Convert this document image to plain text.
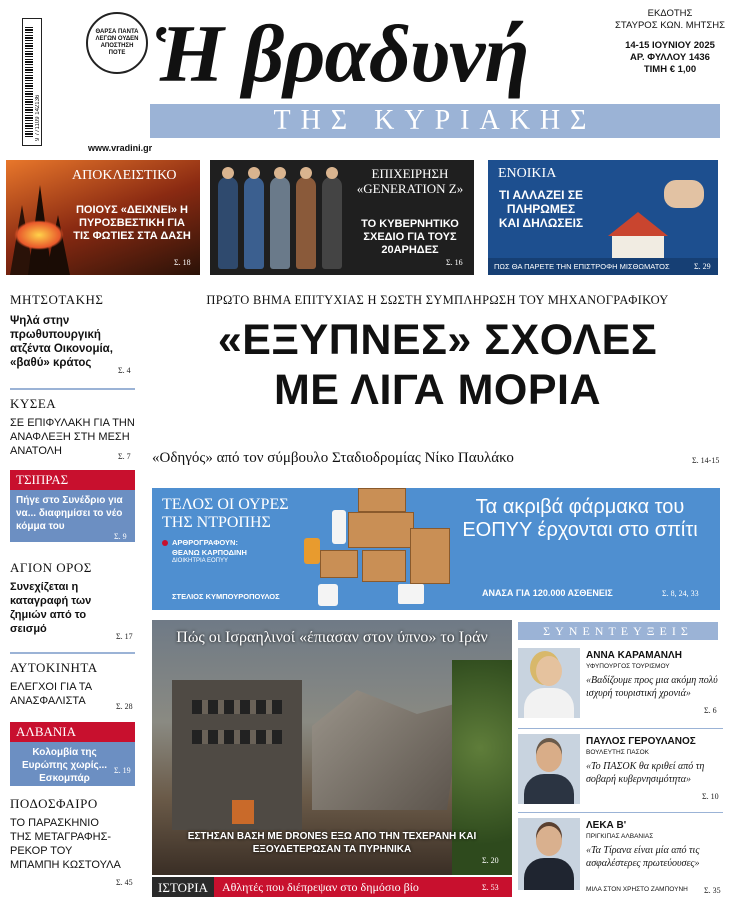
9 771109 142136
ΘΑΡΣΑ ΠΑΝΤΑ ΛΕΓΩΝ ΟΥΔΕΝ ΑΠΟΣΤΗΣΗ ΠΟΤΕ Ἡ βραδυνή	ΕΚΔΟΤΗΣ
ΣΤΑΥΡΟΣ ΚΩΝ. ΜΗΤΣΗΣ
14-15 ΙΟΥΝΙΟΥ 2025
ΑΡ. ΦΥΛΛΟΥ 1436
ΤΙΜΗ € 1,00
ΤΗΣ ΚΥΡΙΑΚΗΣ
www.vradini.gr
ΑΠΟΚΛΕΙΣΤΙΚΟ
ΠΟΙΟΥΣ «ΔΕΙΧΝΕΙ» Η ΠΥΡΟΣΒΕΣΤΙΚΗ ΓΙΑ ΤΙΣ ΦΩΤΙΕΣ ΣΤΑ ΔΑΣΗ
Σ. 18
ΕΠΙΧΕΙΡΗΣΗ «GENERATION Z»
ΤΟ ΚΥΒΕΡΝΗΤΙΚΟ ΣΧΕΔΙΟ ΓΙΑ ΤΟΥΣ 20ΑΡΗΔΕΣ
Σ. 16
ΕΝΟΙΚΙΑ
ΤΙ ΑΛΛΑΖΕΙ ΣΕ ΠΛΗΡΩΜΕΣ ΚΑΙ ΔΗΛΩΣΕΙΣ
ΠΩΣ ΘΑ ΠΑΡΕΤΕ ΤΗΝ ΕΠΙΣΤΡΟΦΗ ΜΙΣΘΩΜΑΤΟΣ	Σ. 29
ΜΗΤΣΟΤΑΚΗΣ
Ψηλά στην πρωθυπουργική ατζέντα Οικονομία, «βαθύ» κράτος
Σ. 4
ΚΥΣΕΑ
ΣΕ ΕΠΙΦΥΛΑΚΗ ΓΙΑ ΤΗΝ ΑΝΑΦΛΕΞΗ ΣΤΗ ΜΕΣΗ ΑΝΑΤΟΛΗ	Σ. 7
ΤΣΙΠΡΑΣ
Πήγε στο Συνέδριο για να... διαφημίσει το νέο κόμμα του
Σ. 9
ΑΓΙΟΝ ΟΡΟΣ
Συνεχίζεται η καταγραφή των ζημιών από το σεισμό
Σ. 17
ΑΥΤΟΚΙΝΗΤΑ
ΕΛΕΓΧΟΙ ΓΙΑ ΤΑ ΑΝΑΣΦΑΛΙΣΤΑ	Σ. 28
ΑΛΒΑΝΙΑ
Κολομβία της Ευρώπης χωρίς... Εσκομπάρ
Σ. 19
ΠΟΔΟΣΦΑΙΡΟ
ΤΟ ΠΑΡΑΣΚΗΝΙΟ ΤΗΣ ΜΕΤΑΓΡΑΦΗΣ-ΡΕΚΟΡ ΤΟΥ ΜΠΑΜΠΗ ΚΩΣΤΟΥΛΑ
Σ. 45
ΠΡΩΤΟ ΒΗΜΑ ΕΠΙΤΥΧΙΑΣ Η ΣΩΣΤΗ ΣΥΜΠΛΗΡΩΣΗ ΤΟΥ ΜΗΧΑΝΟΓΡΑΦΙΚΟΥ
«ΕΞΥΠΝΕΣ» ΣΧΟΛΕΣ
ΜΕ ΛΙΓΑ ΜΟΡΙΑ
«Οδηγός» από τον σύμβουλο Σταδιοδρομίας Νίκο Παυλάκο	Σ. 14-15
ΤΕΛΟΣ ΟΙ ΟΥΡΕΣ ΤΗΣ ΝΤΡΟΠΗΣ
ΑΡΘΡΟΓΡΑΦΟΥΝ:
ΘΕΑΝΩ ΚΑΡΠΟΔΙΝΗ
ΔΙΟΙΚΗΤΡΙΑ ΕΟΠΥΥ
ΣΤΕΛΙΟΣ ΚΥΜΠΟΥΡΟΠΟΥΛΟΣ
Τα ακριβά φάρμακα του ΕΟΠΥΥ έρχονται στο σπίτι
ΑΝΑΣΑ ΓΙΑ 120.000 ΑΣΘΕΝΕΙΣ	Σ. 8, 24, 33
Πώς οι Ισραηλινοί «έπιασαν στον ύπνο» το Ιράν
ΕΣΤΗΣΑΝ ΒΑΣΗ ΜΕ DRONES ΕΞΩ ΑΠΟ ΤΗΝ ΤΕΧΕΡΑΝΗ ΚΑΙ ΕΞΟΥΔΕΤΕΡΩΣΑΝ ΤΑ ΠΥΡΗΝΙΚΑ
Σ. 20
ΙΣΤΟΡΙΑ Αθλητές που διέπρεψαν στο δημόσιο βίο	Σ. 53
ΣΥΝΕΝΤΕΥΞΕΙΣ
ΑΝΝΑ ΚΑΡΑΜΑΝΛΗ
ΥΦΥΠΟΥΡΓΟΣ ΤΟΥΡΙΣΜΟΥ
«Βαδίζουμε προς μια ακόμη πολύ ισχυρή τουριστική χρονιά»
Σ. 6
ΠΑΥΛΟΣ ΓΕΡΟΥΛΑΝΟΣ
ΒΟΥΛΕΥΤΗΣ ΠΑΣΟΚ
«Το ΠΑΣΟΚ θα κριθεί από τη σοβαρή κυβερνησιμότητα»
Σ. 10
ΛΕΚΑ Β'
ΠΡΙΓΚΙΠΑΣ ΑΛΒΑΝΙΑΣ
«Τα Τίρανα είναι μία από τις ασφαλέστερες πρωτεύουσες»
ΜΙΛΑ ΣΤΟΝ ΧΡΗΣΤΟ ΖΑΜΠΟΥΝΗ Σ. 35
